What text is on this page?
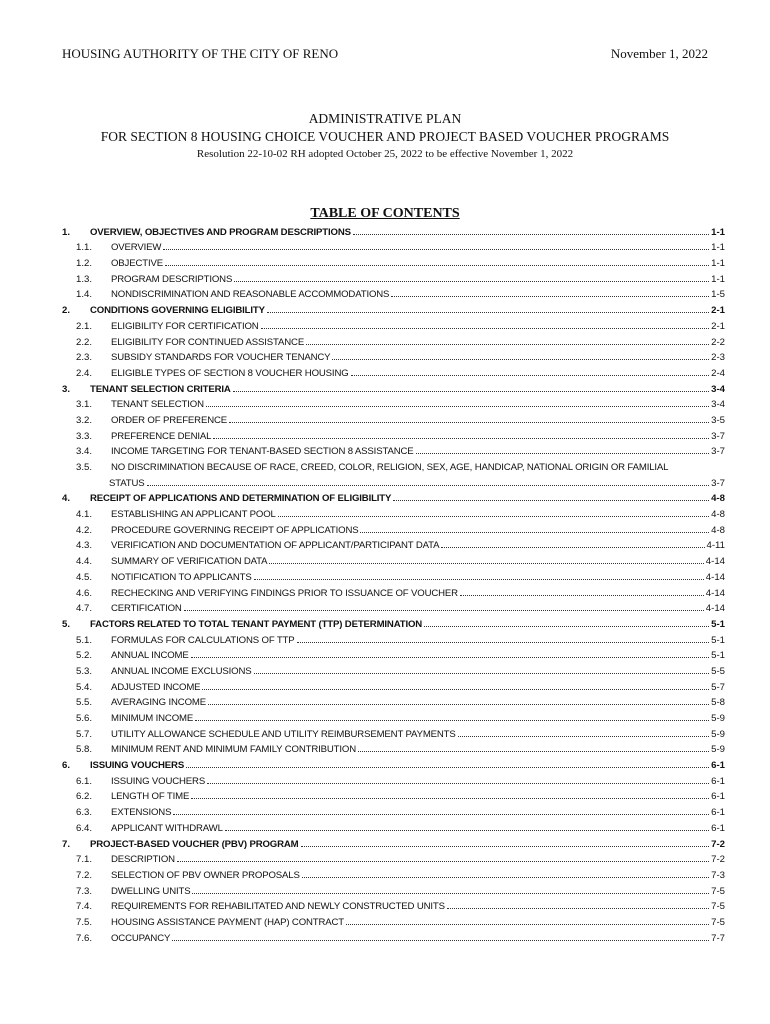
HOUSING AUTHORITY OF THE CITY OF RENO	November 1, 2022
ADMINISTRATIVE PLAN
FOR SECTION 8 HOUSING CHOICE VOUCHER AND PROJECT BASED VOUCHER PROGRAMS
Resolution 22-10-02 RH adopted October 25, 2022 to be effective November 1, 2022
TABLE OF CONTENTS
1.	OVERVIEW, OBJECTIVES AND PROGRAM DESCRIPTIONS	1-1
1.1.	OVERVIEW	1-1
1.2.	OBJECTIVE	1-1
1.3.	PROGRAM DESCRIPTIONS	1-1
1.4.	NONDISCRIMINATION AND REASONABLE ACCOMMODATIONS	1-5
2.	CONDITIONS GOVERNING ELIGIBILITY	2-1
2.1.	ELIGIBILITY FOR CERTIFICATION	2-1
2.2.	ELIGIBILITY FOR CONTINUED ASSISTANCE	2-2
2.3.	SUBSIDY STANDARDS FOR VOUCHER TENANCY	2-3
2.4.	ELIGIBLE TYPES OF SECTION 8 VOUCHER HOUSING	2-4
3.	TENANT SELECTION CRITERIA	3-4
3.1.	TENANT SELECTION	3-4
3.2.	ORDER OF PREFERENCE	3-5
3.3.	PREFERENCE DENIAL	3-7
3.4.	INCOME TARGETING FOR TENANT-BASED SECTION 8 ASSISTANCE	3-7
3.5.	NO DISCRIMINATION BECAUSE OF RACE, CREED, COLOR, RELIGION, SEX, AGE, HANDICAP, NATIONAL ORIGIN OR FAMILIAL
STATUS	3-7
4.	RECEIPT OF APPLICATIONS AND DETERMINATION OF ELIGIBILITY	4-8
4.1.	ESTABLISHING AN APPLICANT POOL	4-8
4.2.	PROCEDURE GOVERNING RECEIPT OF APPLICATIONS	4-8
4.3.	VERIFICATION AND DOCUMENTATION OF APPLICANT/PARTICIPANT DATA	4-11
4.4.	SUMMARY OF VERIFICATION DATA	4-14
4.5.	NOTIFICATION TO APPLICANTS	4-14
4.6.	RECHECKING AND VERIFYING FINDINGS PRIOR TO ISSUANCE OF VOUCHER	4-14
4.7.	CERTIFICATION	4-14
5.	FACTORS RELATED TO TOTAL TENANT PAYMENT (TTP) DETERMINATION	5-1
5.1.	FORMULAS FOR CALCULATIONS OF TTP	5-1
5.2.	ANNUAL INCOME	5-1
5.3.	ANNUAL INCOME EXCLUSIONS	5-5
5.4.	ADJUSTED INCOME	5-7
5.5.	AVERAGING INCOME	5-8
5.6.	MINIMUM INCOME	5-9
5.7.	UTILITY ALLOWANCE SCHEDULE AND UTILITY REIMBURSEMENT PAYMENTS	5-9
5.8.	MINIMUM RENT AND MINIMUM FAMILY CONTRIBUTION	5-9
6.	ISSUING VOUCHERS	6-1
6.1.	ISSUING VOUCHERS	6-1
6.2.	LENGTH OF TIME	6-1
6.3.	EXTENSIONS	6-1
6.4.	APPLICANT WITHDRAWL	6-1
7.	PROJECT-BASED VOUCHER (PBV) PROGRAM	7-2
7.1.	DESCRIPTION	7-2
7.2.	SELECTION OF PBV OWNER PROPOSALS	7-3
7.3.	DWELLING UNITS	7-5
7.4.	REQUIREMENTS FOR REHABILITATED AND NEWLY CONSTRUCTED UNITS	7-5
7.5.	HOUSING ASSISTANCE PAYMENT (HAP) CONTRACT	7-5
7.6.	OCCUPANCY	7-7
